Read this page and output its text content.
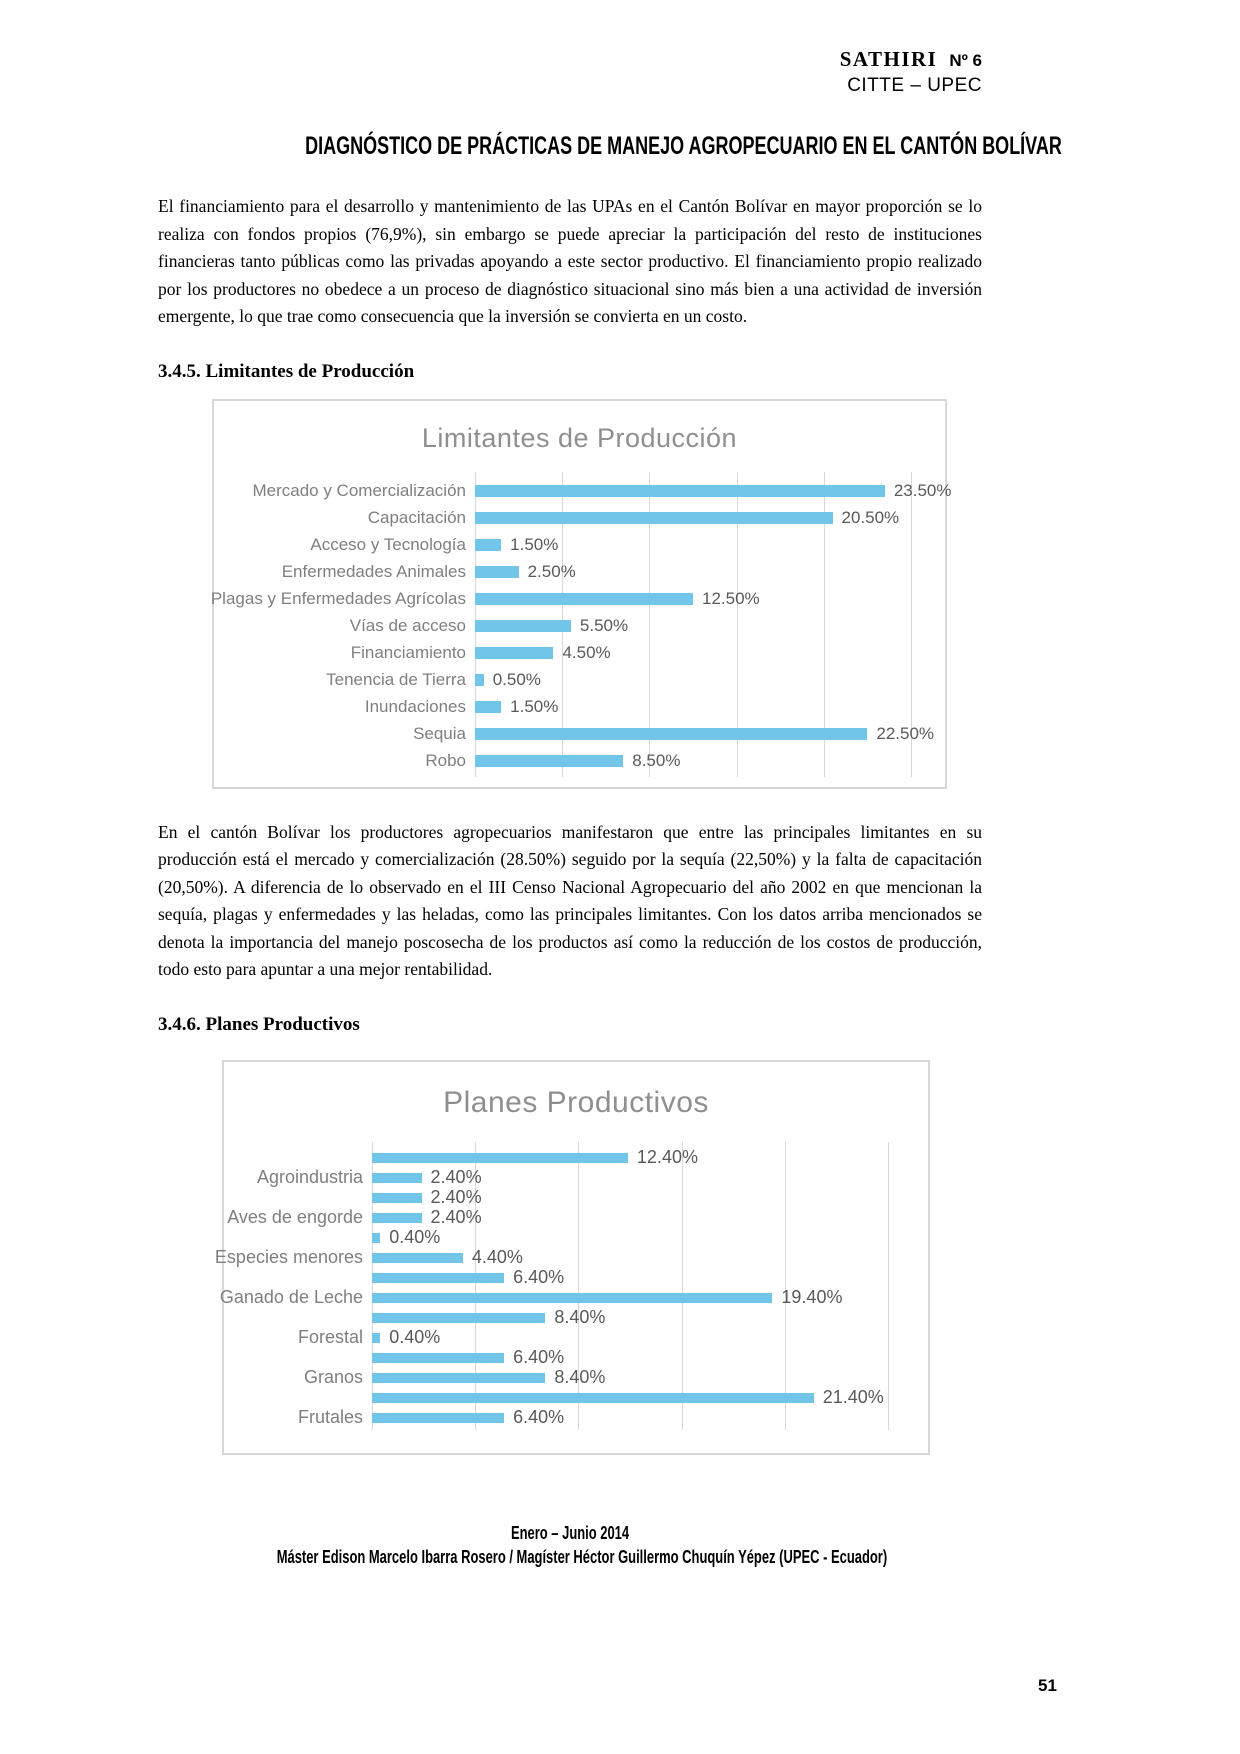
SATHIRI Nº 6
CITTE – UPEC
DIAGNÓSTICO DE PRÁCTICAS DE MANEJO AGROPECUARIO EN EL CANTÓN BOLÍVAR

El financiamiento para el desarrollo y mantenimiento de las UPAs en el Cantón Bolívar en mayor proporción se lo realiza con fondos propios (76,9%), sin embargo se puede apreciar la participación del resto de instituciones financieras tanto públicas como las privadas apoyando a este sector productivo. El financiamiento propio realizado por los productores no obedece a un proceso de diagnóstico situacional sino más bien a una actividad de inversión emergente, lo que trae como consecuencia que la inversión se convierta en un costo.

3.4.5. Limitantes de Producción
Limitantes de Producción
Mercado y Comercialización
Capacitación
Acceso y Tecnología
Enfermedades Animales
Plagas y Enfermedades Agrícolas
Vías de acceso
Financiamiento
Tenencia de Tierra
Inundaciones
Sequia
Robo
23.50%
20.50%
1.50%
2.50%
12.50%
5.50%
4.50%
0.50%
1.50%
22.50%
8.50%

En el cantón Bolívar los productores agropecuarios manifestaron que entre las principales limitantes en su producción está el mercado y comercialización (28.50%) seguido por la sequía (22,50%) y la falta de capacitación (20,50%). A diferencia de lo observado en el III Censo Nacional Agropecuario del año 2002 en que mencionan la sequía, plagas y enfermedades y las heladas, como las principales limitantes. Con los datos arriba mencionados se denota la importancia del manejo poscosecha de los productos así como la reducción de los costos de producción, todo esto para apuntar a una mejor rentabilidad.

3.4.6. Planes Productivos
Planes Productivos
Agroindustria
Aves de engorde
Especies menores
Ganado de Leche
Forestal
Granos
Frutales
12.40%
2.40%
2.40%
2.40%
0.40%
4.40%
6.40%
19.40%
8.40%
0.40%
6.40%
8.40%
21.40%
6.40%
Enero – Junio 2014
Máster Edison Marcelo Ibarra Rosero / Magíster Héctor Guillermo Chuquín Yépez (UPEC - Ecuador)
51
